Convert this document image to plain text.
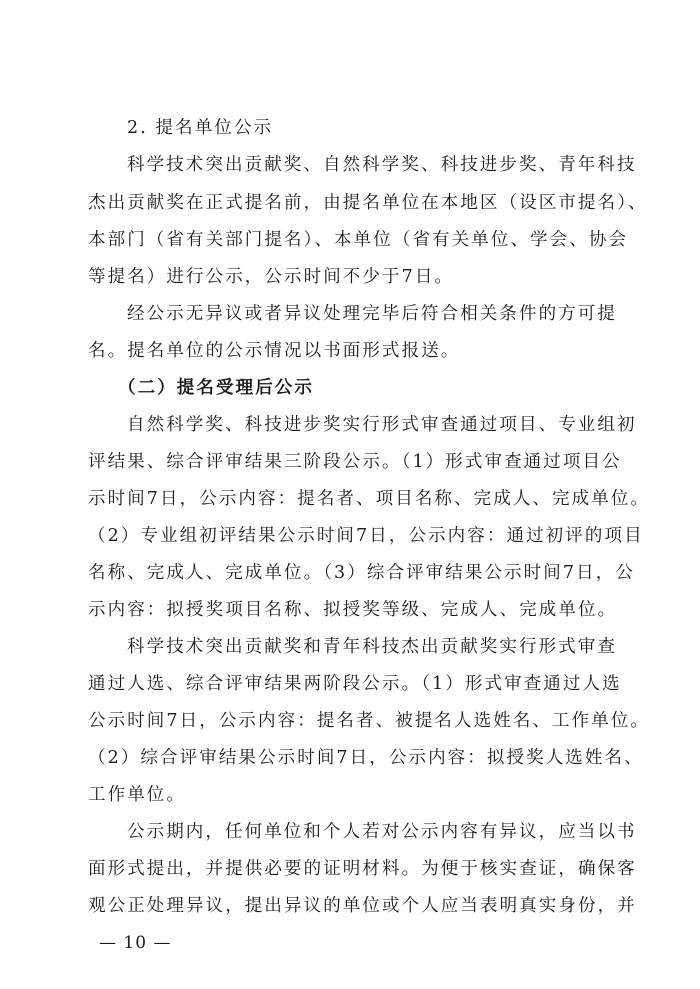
2. 提名单位公示
科学技术突出贡献奖、自然科学奖、科技进步奖、青年科技
杰出贡献奖在正式提名前，由提名单位在本地区（设区市提名）、
本部门（省有关部门提名）、本单位（省有关单位、学会、协会
等提名）进行公示，公示时间不少于7日。
经公示无异议或者异议处理完毕后符合相关条件的方可提
名。提名单位的公示情况以书面形式报送。
（二）提名受理后公示
自然科学奖、科技进步奖实行形式审查通过项目、专业组初
评结果、综合评审结果三阶段公示。（1）形式审查通过项目公
示时间7日，公示内容：提名者、项目名称、完成人、完成单位。
（2）专业组初评结果公示时间7日，公示内容：通过初评的项目
名称、完成人、完成单位。（3）综合评审结果公示时间7日，公
示内容：拟授奖项目名称、拟授奖等级、完成人、完成单位。
科学技术突出贡献奖和青年科技杰出贡献奖实行形式审查
通过人选、综合评审结果两阶段公示。（1）形式审查通过人选
公示时间7日，公示内容：提名者、被提名人选姓名、工作单位。
（2）综合评审结果公示时间7日，公示内容：拟授奖人选姓名、
工作单位。
公示期内，任何单位和个人若对公示内容有异议，应当以书
面形式提出，并提供必要的证明材料。为便于核实查证，确保客
观公正处理异议，提出异议的单位或个人应当表明真实身份，并
— 10 —
